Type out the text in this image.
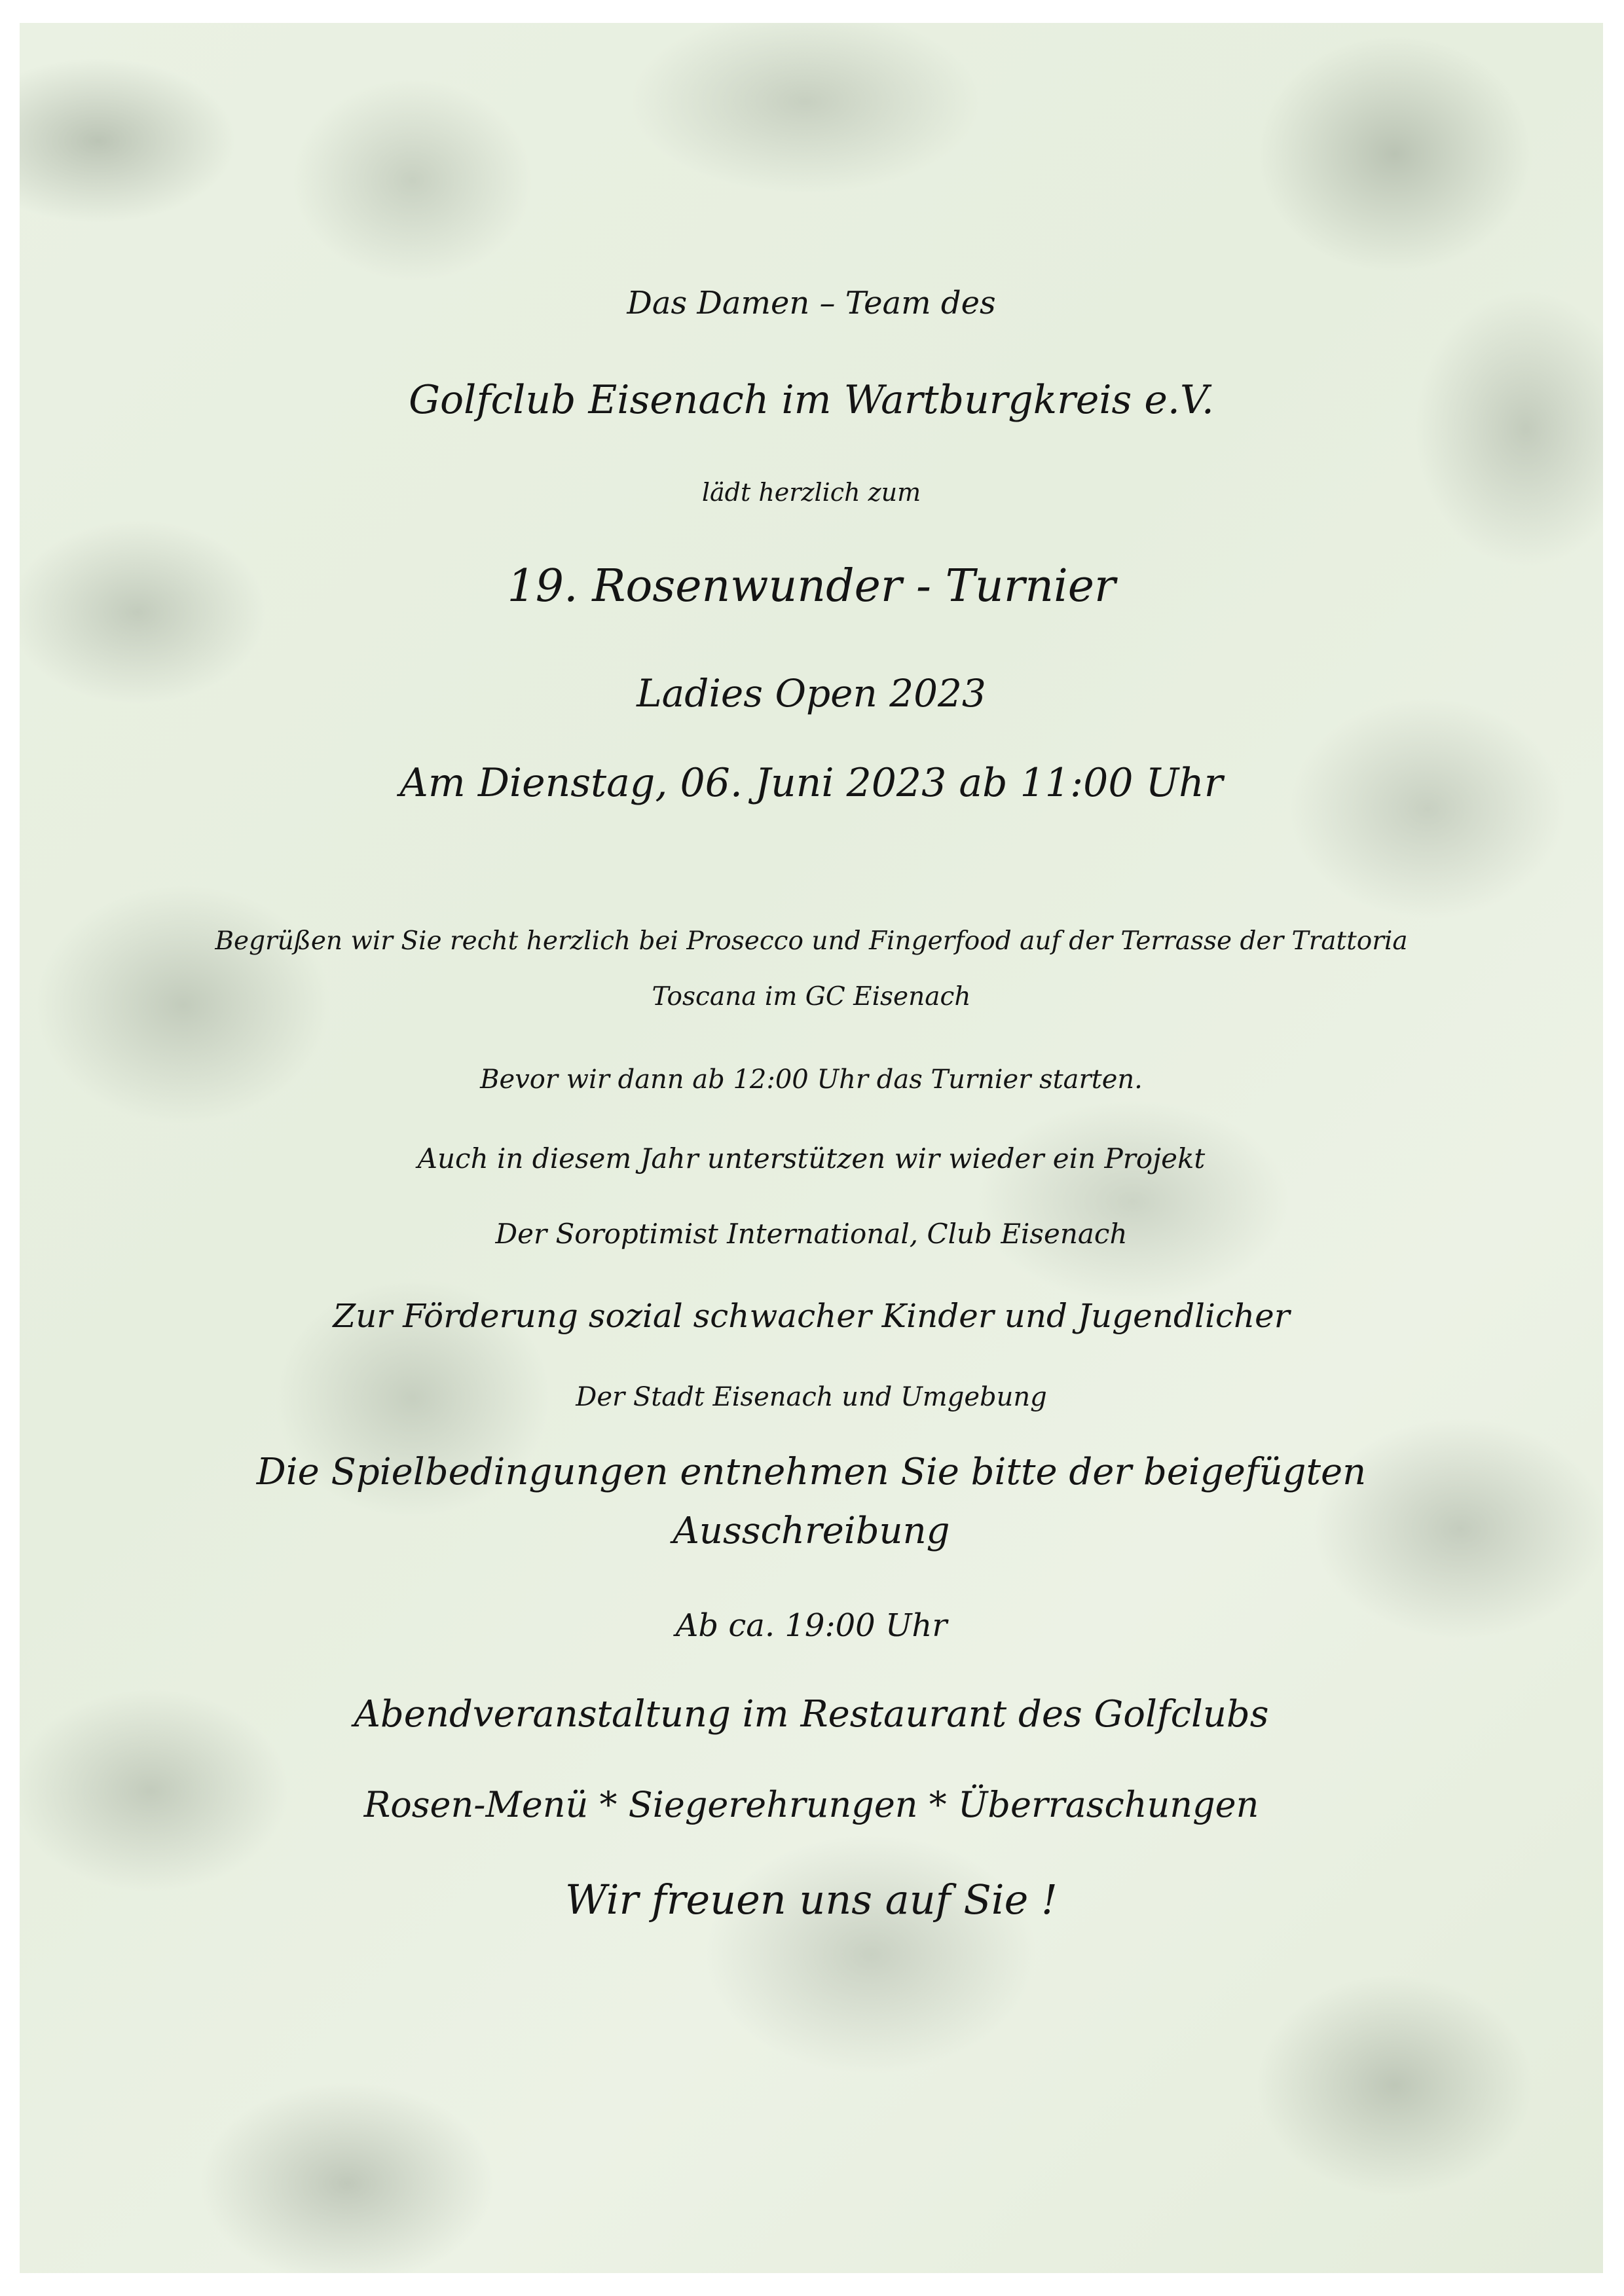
Das Damen – Team des
Golfclub Eisenach im Wartburgkreis e.V.
lädt herzlich zum
19. Rosenwunder - Turnier
Ladies Open 2023
Am Dienstag, 06. Juni 2023 ab 11:00 Uhr
Begrüßen wir Sie recht herzlich bei Prosecco und Fingerfood auf der Terrasse der Trattoria
Toscana im GC Eisenach
Bevor wir dann ab 12:00 Uhr das Turnier starten.
Auch in diesem Jahr unterstützen wir wieder ein Projekt
Der Soroptimist International, Club Eisenach
Zur Förderung sozial schwacher Kinder und Jugendlicher
Der Stadt Eisenach und Umgebung
Die Spielbedingungen entnehmen Sie bitte der beigefügten
Ausschreibung
Ab ca. 19:00 Uhr
Abendveranstaltung im Restaurant des Golfclubs
Rosen-Menü * Siegerehrungen * Überraschungen
Wir freuen uns auf Sie !
